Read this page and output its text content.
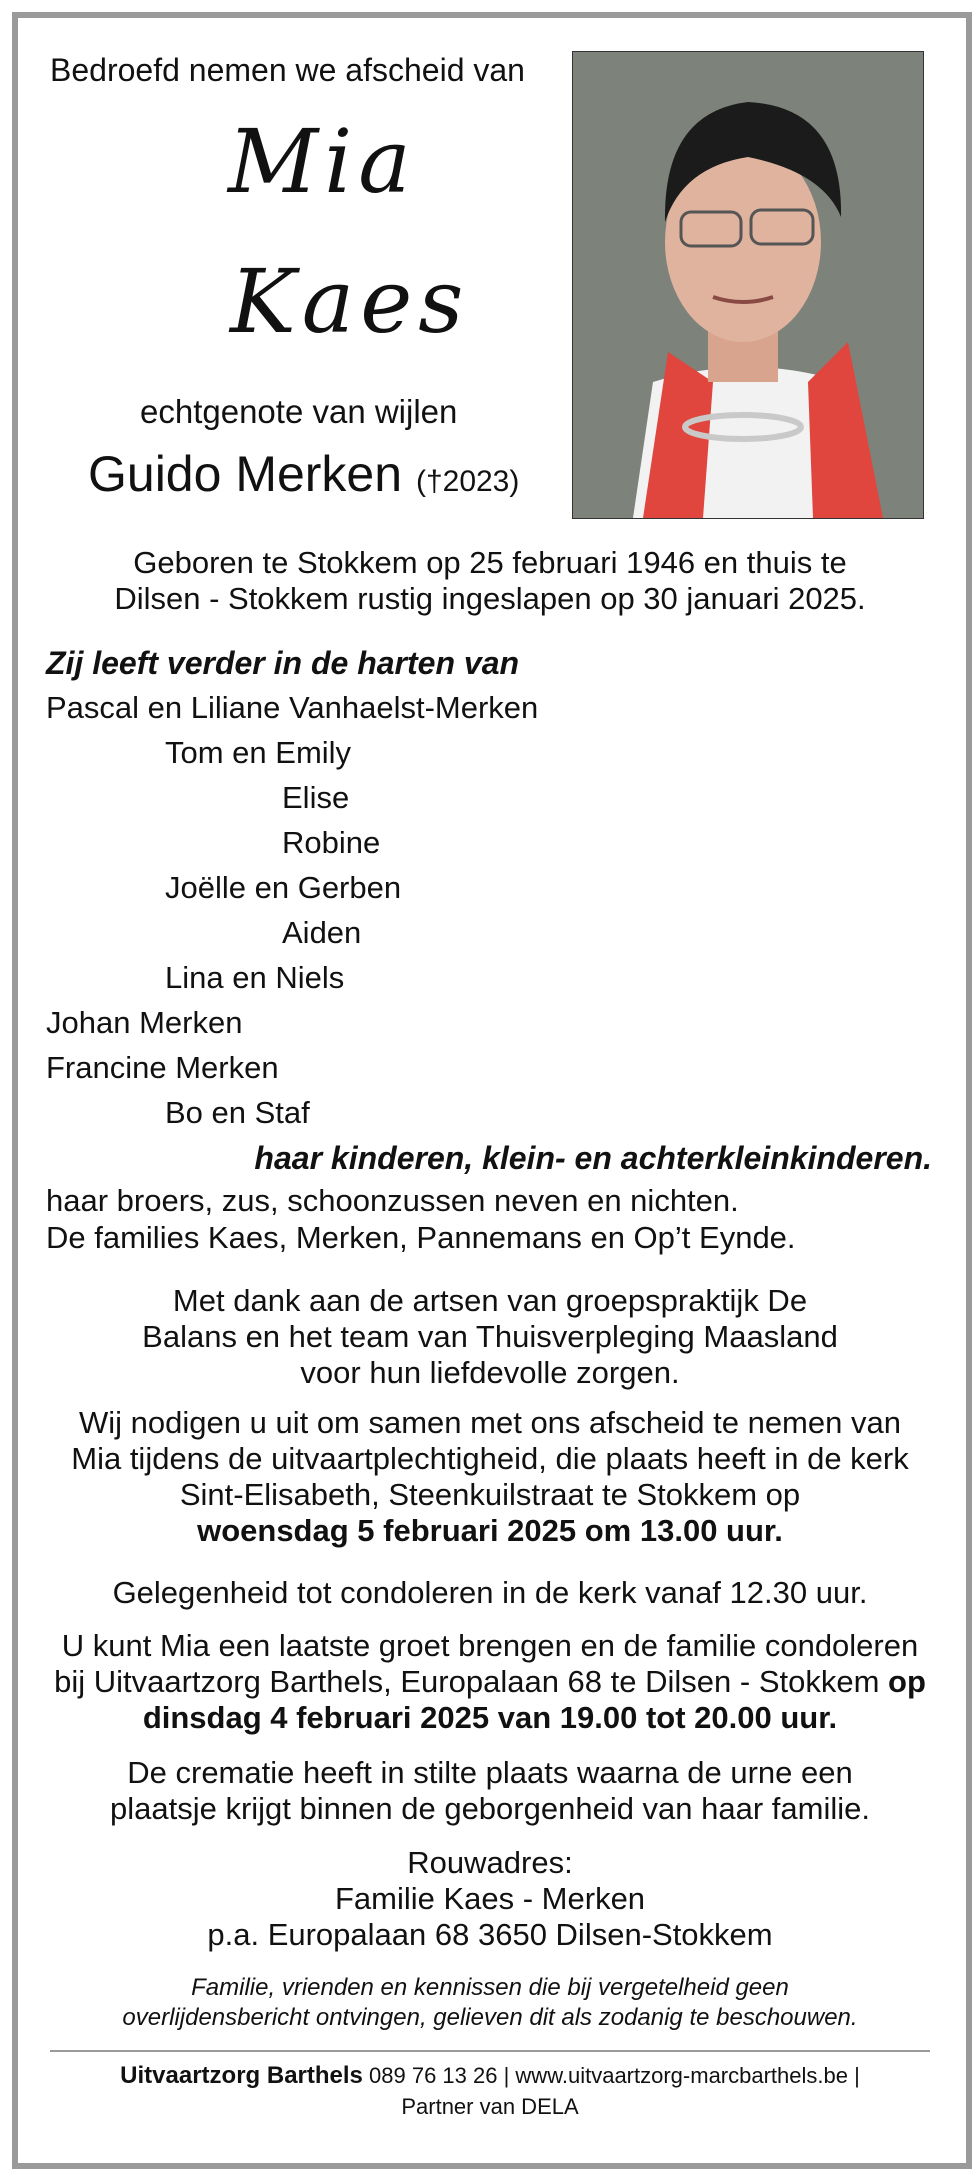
Bedroefd nemen we afscheid van

Mia

Kaes

echtgenote van wijlen

Guido Merken (†2023)

Geboren te Stokkem op 25 februari 1946 en thuis te Dilsen - Stokkem rustig ingeslapen op 30 januari 2025.

Zij leeft verder in de harten van

Pascal en Liliane Vanhaelst-Merken

Tom en Emily

Elise

Robine

Joëlle en Gerben

Aiden

Lina en Niels

Johan Merken

Francine Merken

Bo en Staf

haar kinderen, klein- en achterkleinkinderen.

haar broers, zus, schoonzussen neven en nichten.

De families Kaes, Merken, Pannemans en Op’t Eynde.

Met dank aan de artsen van groepspraktijk De Balans en het team van Thuisverpleging Maasland voor hun liefdevolle zorgen.

Wij nodigen u uit om samen met ons afscheid te nemen van Mia tijdens de uitvaartplechtigheid, die plaats heeft in de kerk Sint-Elisabeth, Steenkuilstraat te Stokkem op
woensdag 5 februari 2025 om 13.00 uur.

Gelegenheid tot condoleren in de kerk vanaf 12.30 uur.

U kunt Mia een laatste groet brengen en de familie condoleren bij Uitvaartzorg Barthels, Europalaan 68 te Dilsen - Stokkem op dinsdag 4 februari 2025 van 19.00 tot 20.00 uur.

De crematie heeft in stilte plaats waarna de urne een plaatsje krijgt binnen de geborgenheid van haar familie.

Rouwadres:
Familie Kaes - Merken
p.a. Europalaan 68 3650 Dilsen-Stokkem

Familie, vrienden en kennissen die bij vergetelheid geen overlijdensbericht ontvingen, gelieven dit als zodanig te beschouwen.

Uitvaartzorg Barthels 089 76 13 26 | www.uitvaartzorg-marcbarthels.be |

Partner van DELA
